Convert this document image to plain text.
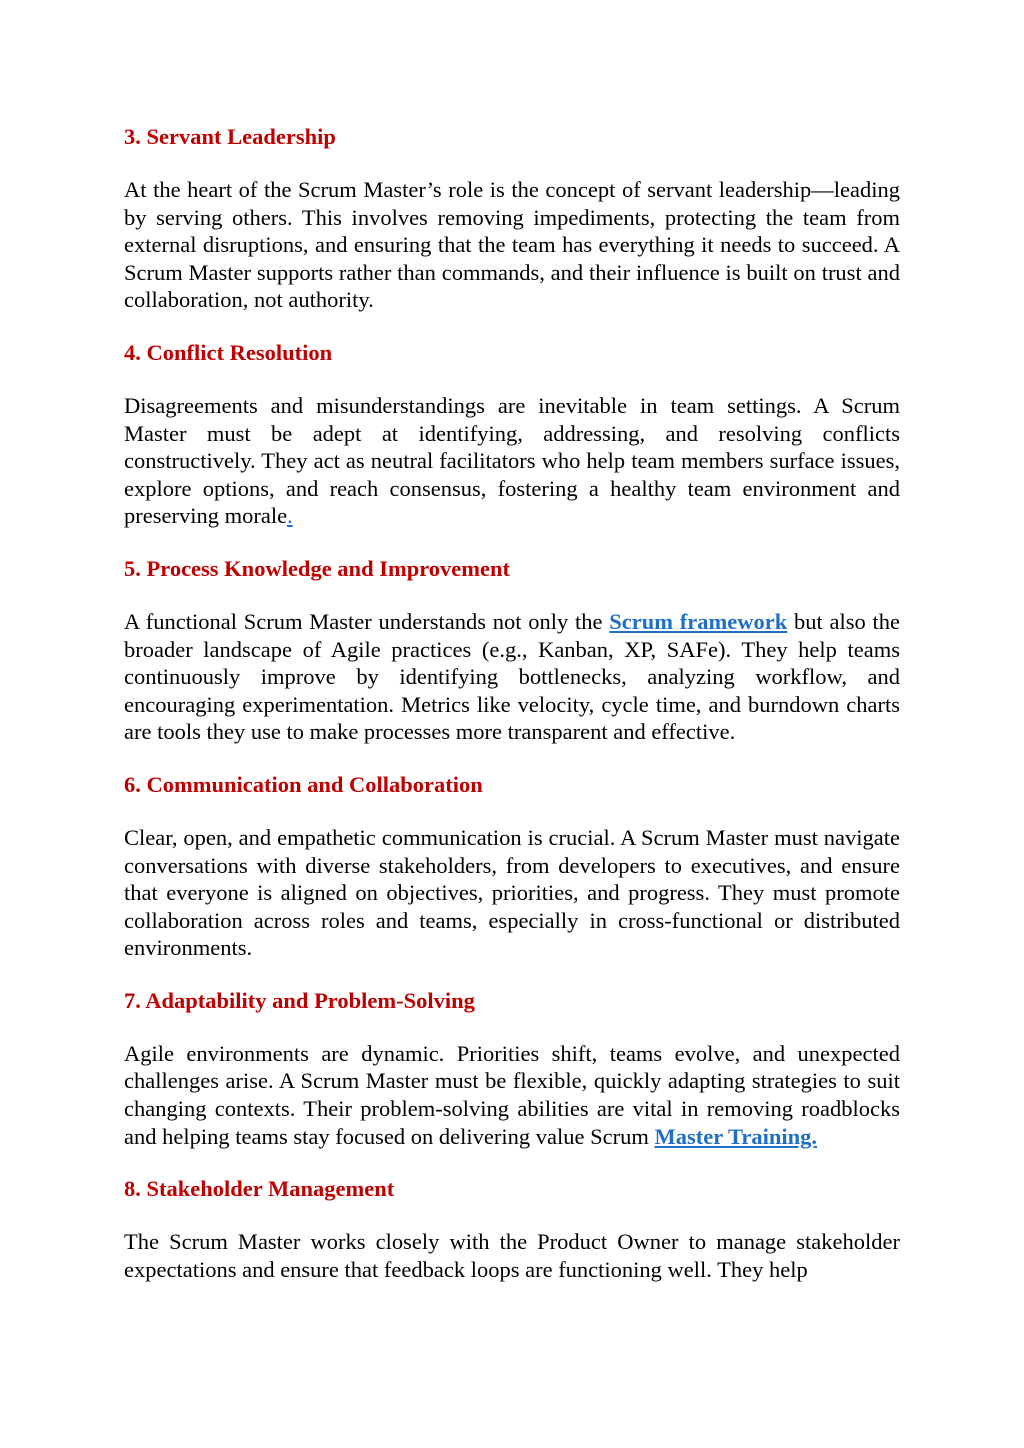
3. Servant Leadership

At the heart of the Scrum Master’s role is the concept of servant leadership—leading by serving others. This involves removing impediments, protecting the team from external disruptions, and ensuring that the team has everything it needs to succeed. A Scrum Master supports rather than commands, and their influence is built on trust and collaboration, not authority.

4. Conflict Resolution

Disagreements and misunderstandings are inevitable in team settings. A Scrum Master must be adept at identifying, addressing, and resolving conflicts constructively. They act as neutral facilitators who help team members surface issues, explore options, and reach consensus, fostering a healthy team environment and preserving morale.

5. Process Knowledge and Improvement

A functional Scrum Master understands not only the Scrum framework but also the broader landscape of Agile practices (e.g., Kanban, XP, SAFe). They help teams continuously improve by identifying bottlenecks, analyzing workflow, and encouraging experimentation. Metrics like velocity, cycle time, and burndown charts are tools they use to make processes more transparent and effective.

6. Communication and Collaboration

Clear, open, and empathetic communication is crucial. A Scrum Master must navigate conversations with diverse stakeholders, from developers to executives, and ensure that everyone is aligned on objectives, priorities, and progress. They must promote collaboration across roles and teams, especially in cross-functional or distributed environments.

7. Adaptability and Problem-Solving

Agile environments are dynamic. Priorities shift, teams evolve, and unexpected challenges arise. A Scrum Master must be flexible, quickly adapting strategies to suit changing contexts. Their problem-solving abilities are vital in removing roadblocks and helping teams stay focused on delivering value Scrum Master Training.

8. Stakeholder Management

The Scrum Master works closely with the Product Owner to manage stakeholder expectations and ensure that feedback loops are functioning well. They help
